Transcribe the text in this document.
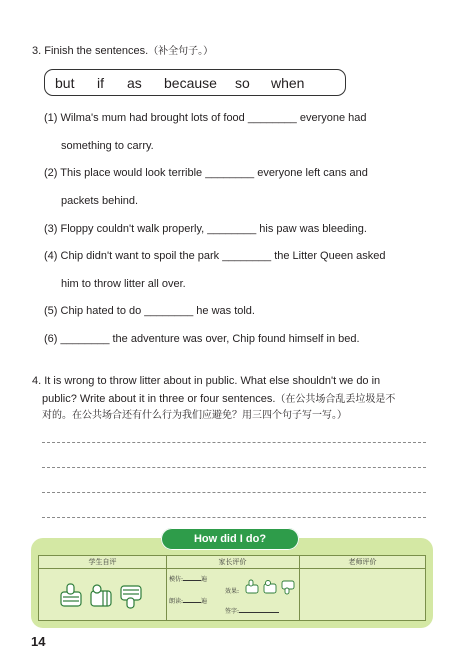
3. Finish the sentences.（补全句子。）
but if as because so when
(1) Wilma's mum had brought lots of food ________ everyone had
something to carry.
(2) This place would look terrible ________ everyone left cans and
packets behind.
(3) Floppy couldn't walk properly, ________ his paw was bleeding.
(4) Chip didn't want to spoil the park ________ the Litter Queen asked
him to throw litter all over.
(5) Chip hated to do ________ he was told.
(6) ________ the adventure was over, Chip found himself in bed.
4. It is wrong to throw litter about in public. What else shouldn't we do in
public? Write about it in three or four sentences.（在公共场合乱丢垃圾是不
对的。在公共场合还有什么行为我们应避免？用三四个句子写一写。）
How did I do?
学生自评	家长评价	老师评价
模仿:	遍
朗读:	遍
效果:
签字:
14
